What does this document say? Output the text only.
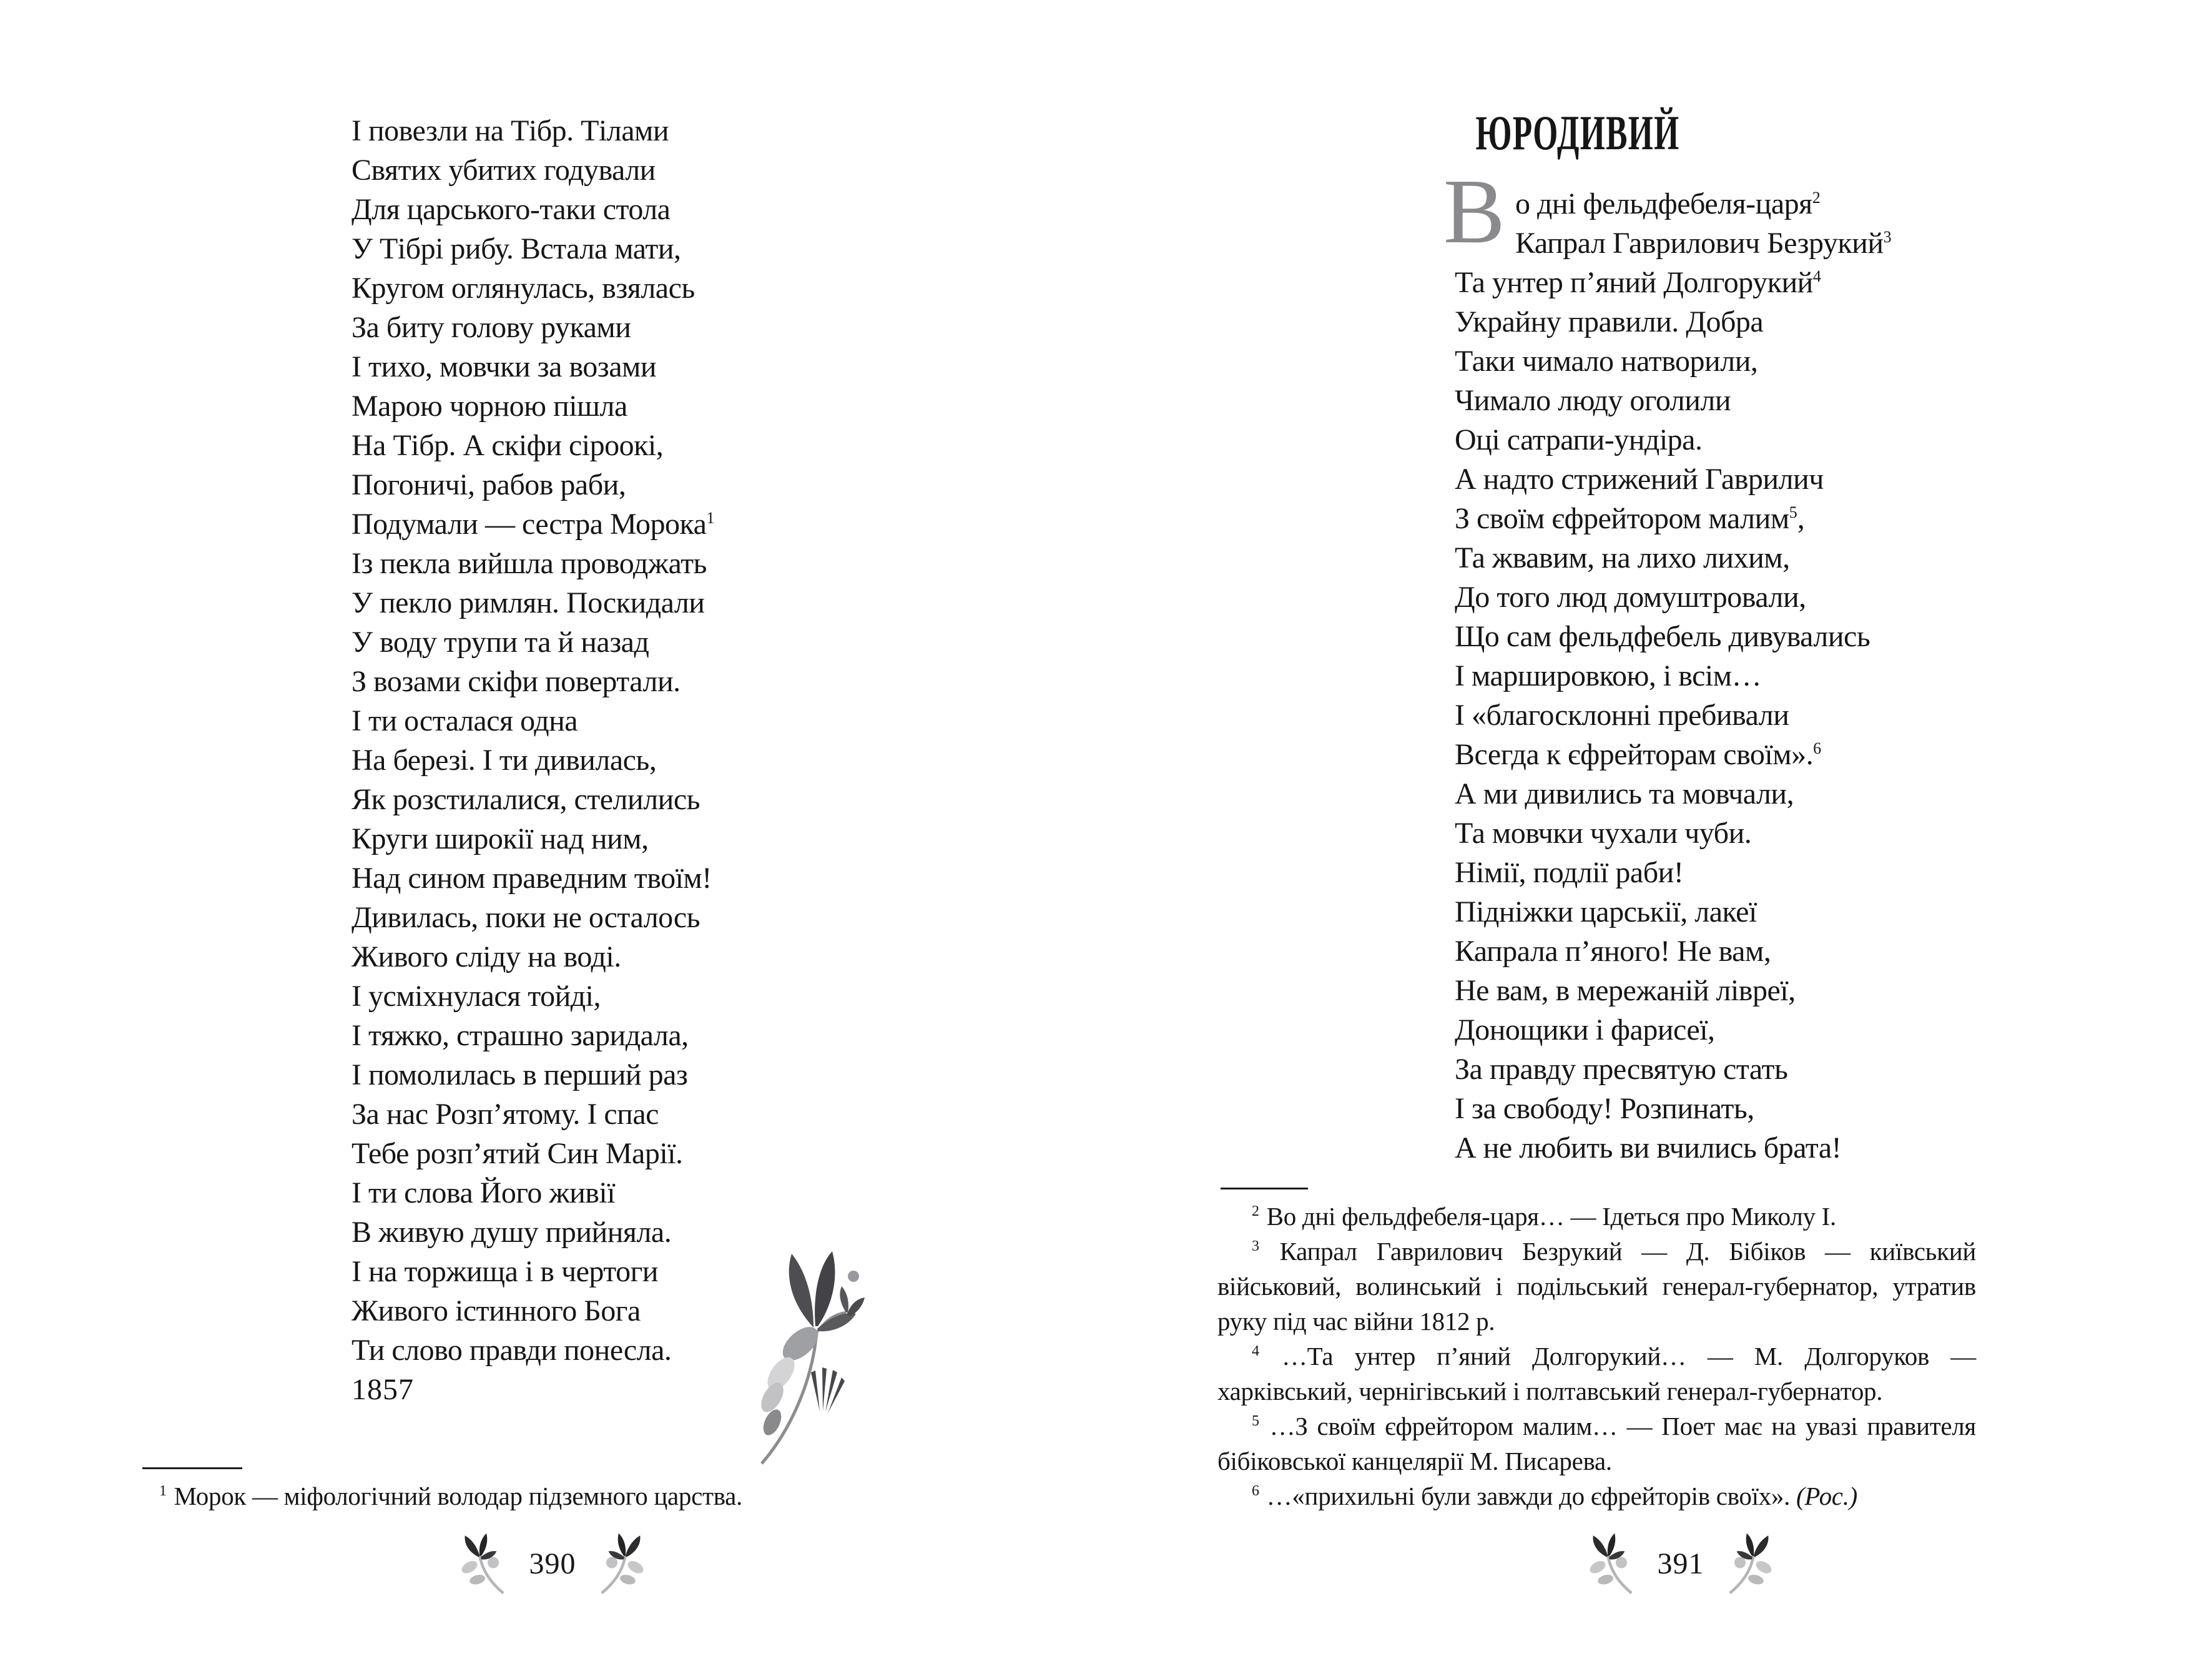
І повезли на Тібр. Тілами
Святих убитих годували
Для царського-таки стола
У Тібрі рибу. Встала мати,
Кругом оглянулась, взялась
За биту голову руками
І тихо, мовчки за возами
Марою чорною пішла
На Тібр. А скіфи сіроокі,
Погоничі, рабов раби,
Подумали — сестра Морока$^1$
Із пекла вийшла проводжать
У пекло римлян. Поскидали
У воду трупи та й назад
З возами скіфи повертали.
І ти осталася одна
На березі. І ти дивилась,
Як розстилалися, стелились
Круги широкії над ним,
Над сином праведним твоїм!
Дивилась, поки не осталось
Живого сліду на воді.
І усміхнулася тойді,
І тяжко, страшно заридала,
І помолилась в перший раз
За нас Розп’ятому. І спас
Тебе розп’ятий Син Марії.
І ти слова Його живії
В живую душу прийняла.
І на торжища і в чертоги
Живого істинного Бога
Ти слово правди понесла.
1857

$^1$ Морок — міфологічний володар підземного царства.

390
ЮРОДИВИЙ
В о дні фельдфебеля-царя$^2$
Капрал Гаврилович Безрукий$^3$
Та унтер п’яний Долгорукий$^4$
Украйну правили. Добра
Таки чимало натворили,
Чимало люду оголили
Оці сатрапи-ундіра.
А надто стрижений Гаврилич
З своїм єфрейтором малим$^5$,
Та жвавим, на лихо лихим,
До того люд домуштровали,
Що сам фельдфебель дивувались
І маршировкою, і всім…
І «благосклонні пребивали
Всегда к єфрейторам своїм».$^6$
А ми дивились та мовчали,
Та мовчки чухали чуби.
Німії, подлії раби!
Підніжки царськії, лакеї
Капрала п’яного! Не вам,
Не вам, в мережаній лівреї,
Донощики і фарисеї,
За правду пресвятую стать
І за свободу! Розпинать,
А не любить ви вчились брата!

$^2$ Во дні фельдфебеля-царя… — Ідеться про Миколу І.

$^3$ Капрал Гаврилович Безрукий — Д. Бібіков — київський військовий, волинський і подільський генерал-губернатор, утратив руку під час війни 1812 р.

$^4$ …Та унтер п’яний Долгорукий… — М. Долгоруков — харківський, чернігівський і полтавський генерал-губернатор.

$^5$ …З своїм єфрейтором малим… — Поет має на увазі правителя бібіковської канцелярії М. Писарева.

$^6$ …«прихильні були завжди до єфрейторів своїх». (Рос.)

391
